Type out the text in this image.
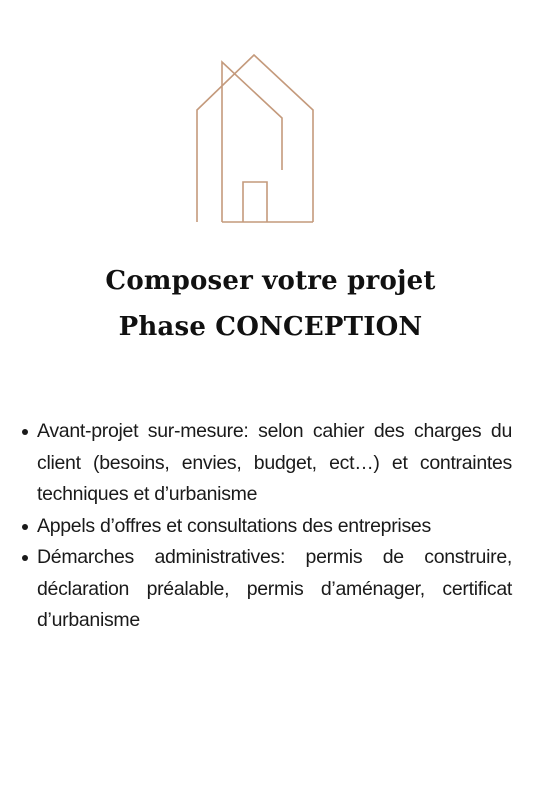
Composer votre projet
Phase CONCEPTION
Avant-projet sur-mesure: selon cahier des charges du client (besoins, envies, budget, ect…) et contraintes techniques et d’urbanisme
Appels d’offres et consultations des entreprises
Démarches administratives: permis de construire, déclaration préalable, permis d’aménager, certificat d’urbanisme
